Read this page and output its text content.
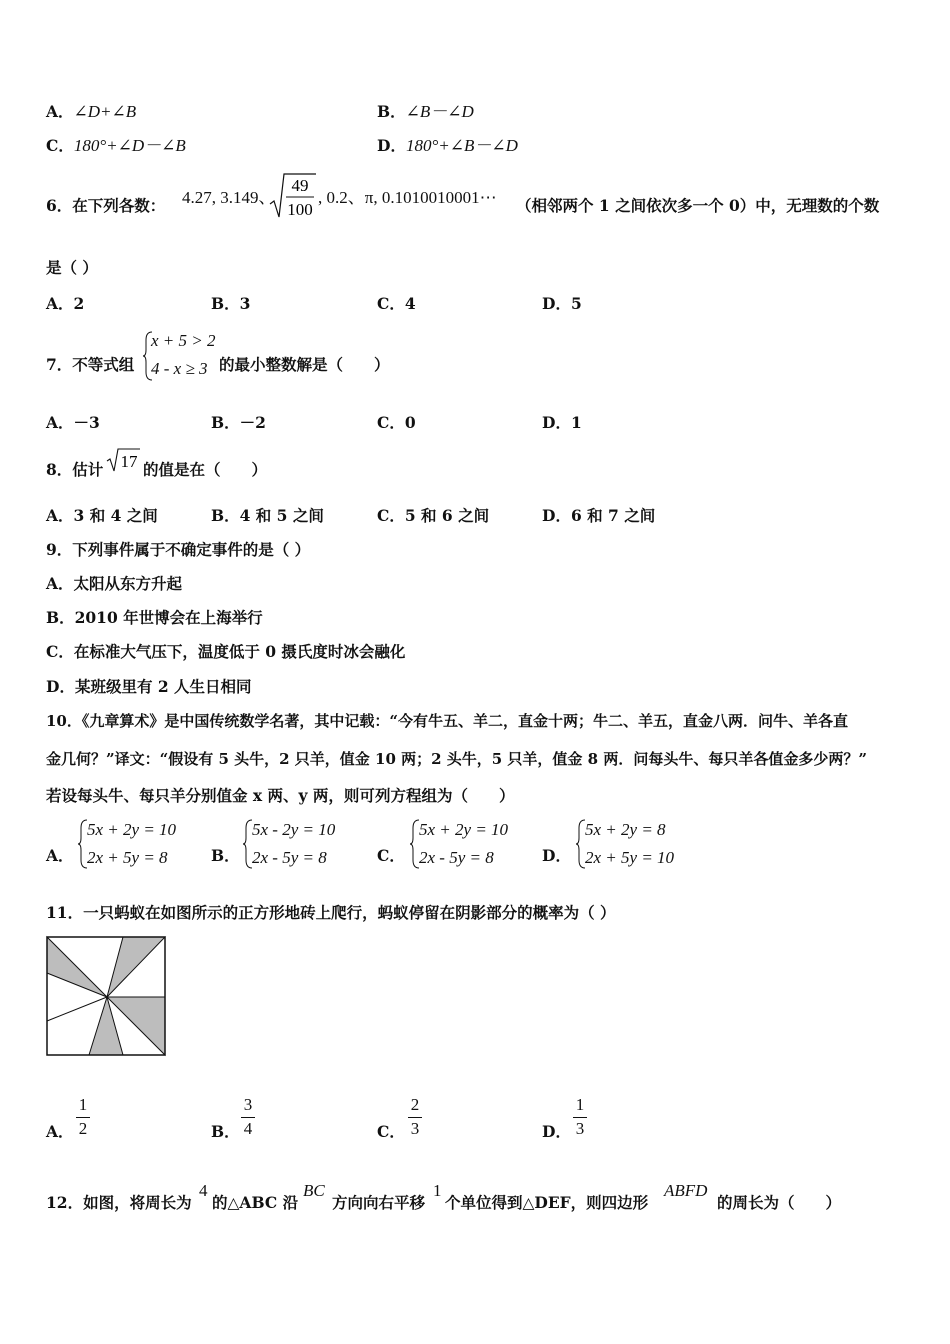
A．∠D+∠B	B．∠B－∠D
C．180°+∠D－∠B	D．180°+∠B－∠D
6．在下列各数： 4.27, 3.149、
49
100
, 0.2、π, 0.1010010001⋯ （相邻两个 1 之间依次多一个 0）中，无理数的个数
是（ ）
A．2	B．3	C．4	D．5
7．不等式组
x + 5 > 2
4 - x ≥ 3 的最小整数解是（　　）
A．－3	B．－2	C．0	D．1
8．估计 17 的值是在（　　）
A．3 和 4 之间	B．4 和 5 之间	C．5 和 6 之间	D．6 和 7 之间
9．下列事件属于不确定事件的是（ ）
A．太阳从东方升起
B．2010 年世博会在上海举行
C．在标准大气压下，温度低于 0 摄氏度时冰会融化
D．某班级里有 2 人生日相同
10．《九章算术》是中国传统数学名著，其中记载：“今有牛五、羊二，直金十两；牛二、羊五，直金八两．问牛、羊各直
金几何？”译文：“假设有 5 头牛，2 只羊，值金 10 两；2 头牛，5 只羊，值金 8 两．问每头牛、每只羊各值金多少两？”
若设每头牛、每只羊分别值金 x 两、y 两，则可列方程组为（　　）
A．
5x + 2y = 10
2x + 5y = 8	B．
5x - 2y = 10
2x - 5y = 8	C．
5x + 2y = 10
2x - 5y = 8	D．
5x + 2y = 8
2x + 5y = 10
11．一只蚂蚁在如图所示的正方形地砖上爬行，蚂蚁停留在阴影部分的概率为（ ）
A．
1
2	B．
3
4	C．
2
3	D．
1
3
12．如图，将周长为
4
的△ABC 沿
BC
方向向右平移
1
个单位得到△DEF，则四边形
ABFD
的周长为（　　）
